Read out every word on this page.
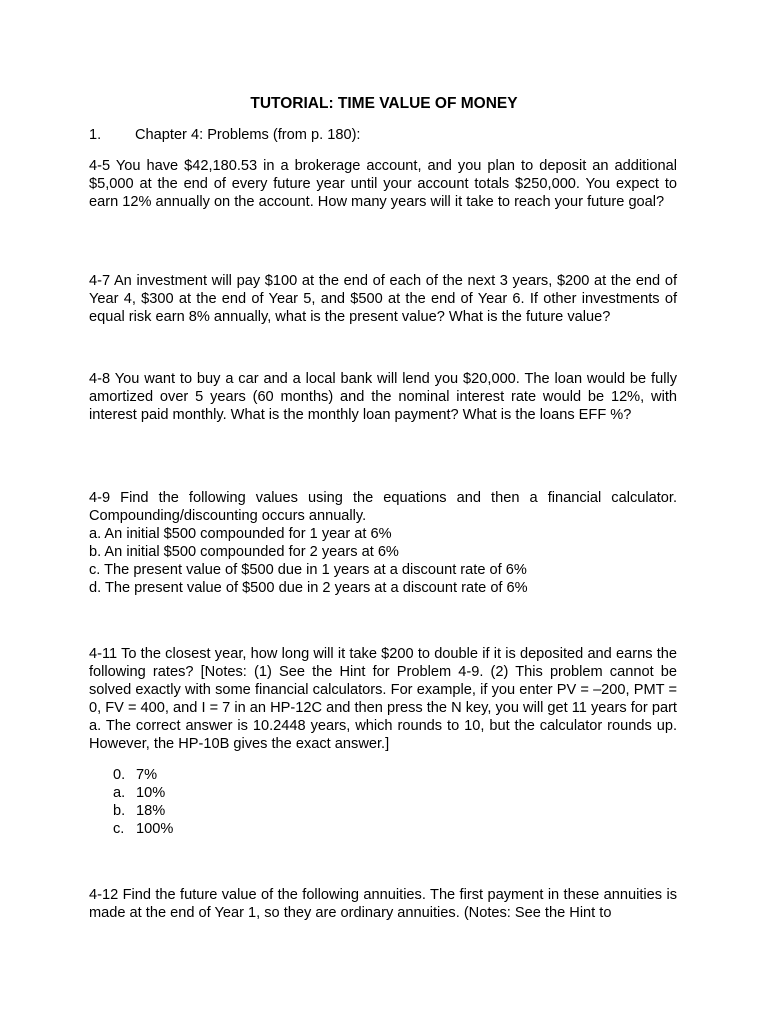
TUTORIAL: TIME VALUE OF MONEY
1. Chapter 4: Problems (from p. 180):

4-5 You have $42,180.53 in a brokerage account, and you plan to deposit an additional $5,000 at the end of every future year until your account totals $250,000. You expect to earn 12% annually on the account. How many years will it take to reach your future goal?

4-7 An investment will pay $100 at the end of each of the next 3 years, $200 at the end of Year 4, $300 at the end of Year 5, and $500 at the end of Year 6. If other investments of equal risk earn 8% annually, what is the present value? What is the future value?

4-8 You want to buy a car and a local bank will lend you $20,000. The loan would be fully amortized over 5 years (60 months) and the nominal interest rate would be 12%, with interest paid monthly. What is the monthly loan payment? What is the loans EFF %?

4-9 Find the following values using the equations and then a financial calculator. Compounding/discounting occurs annually.

a. An initial $500 compounded for 1 year at 6%

b. An initial $500 compounded for 2 years at 6%

c. The present value of $500 due in 1 years at a discount rate of 6%

d. The present value of $500 due in 2 years at a discount rate of 6%

4-11 To the closest year, how long will it take $200 to double if it is deposited and earns the following rates? [Notes: (1) See the Hint for Problem 4-9. (2) This problem cannot be solved exactly with some financial calculators. For example, if you enter PV = –200, PMT = 0, FV = 400, and I = 7 in an HP-12C and then press the N key, you will get 11 years for part a. The correct answer is 10.2448 years, which rounds to 10, but the calculator rounds up. However, the HP-10B gives the exact answer.]

0. 7%
a. 10%
b. 18%
c. 100%

4-12 Find the future value of the following annuities. The first payment in these annuities is made at the end of Year 1, so they are ordinary annuities. (Notes: See the Hint to
